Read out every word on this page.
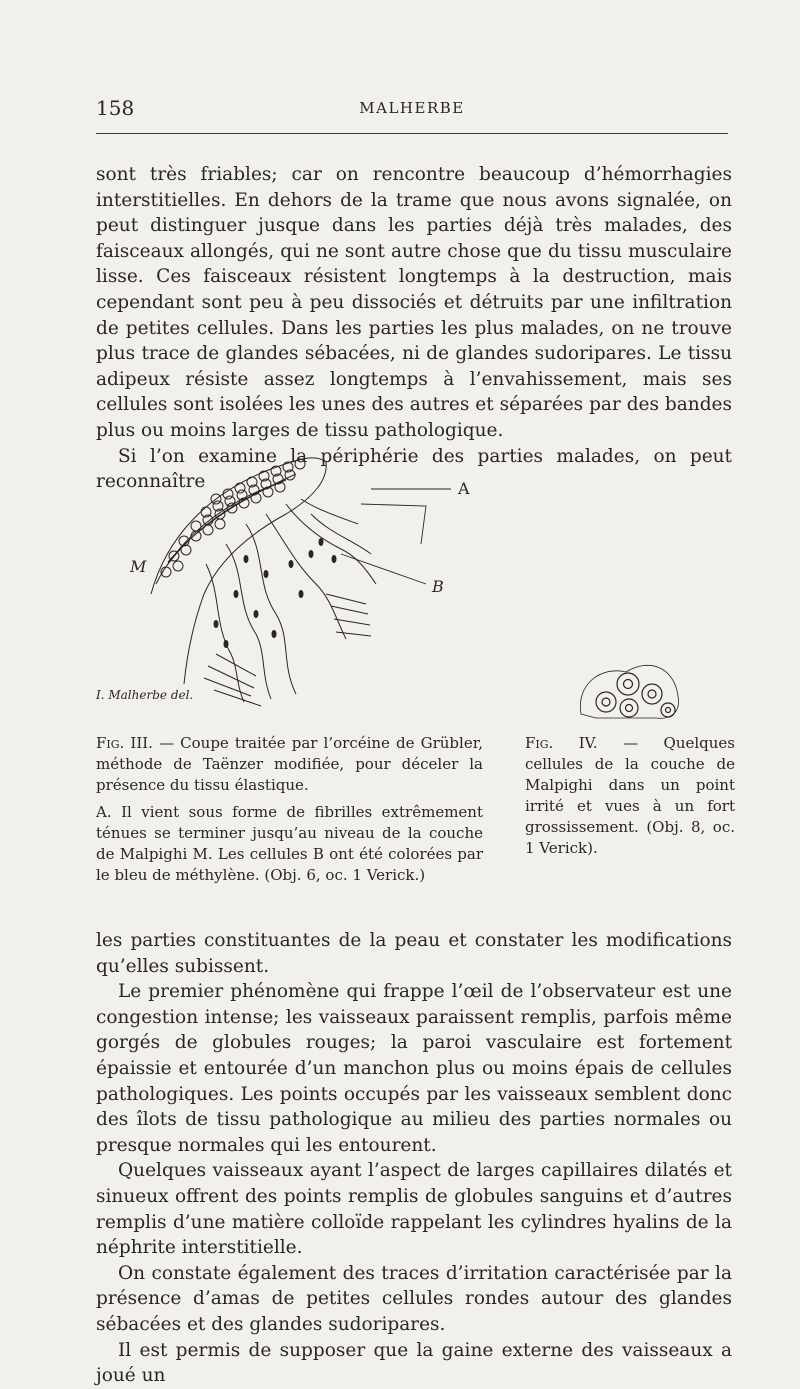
158	MALHERBE

sont très friables; car on rencontre beaucoup d’hémorrhagies interstitielles. En dehors de la trame que nous avons signalée, on peut distinguer jusque dans les parties déjà très malades, des faisceaux allongés, qui ne sont autre chose que du tissu musculaire lisse. Ces faisceaux résistent longtemps à la destruction, mais cependant sont peu à peu dissociés et détruits par une infiltration de petites cellules. Dans les parties les plus malades, on ne trouve plus trace de glandes sébacées, ni de glandes sudoripares. Le tissu adipeux résiste assez longtemps à l’envahissement, mais ses cellules sont isolées les unes des autres et séparées par des bandes plus ou moins larges de tissu pathologique.

Si l’on examine la périphérie des parties malades, on peut reconnaître	A
B
M
I. Malherbe del.

Fig. III. — Coupe traitée par l’orcéine de Grübler, méthode de Taënzer modifiée, pour déceler la présence du tissu élastique.

A. Il vient sous forme de fibrilles extrêmement ténues se terminer jusqu’au niveau de la couche de Malpighi M. Les cellules B ont été colorées par le bleu de méthylène. (Obj. 6, oc. 1 Verick.)

Fig. IV. — Quelques cellules de la couche de Malpighi dans un point irrité et vues à un fort grossissement. (Obj. 8, oc. 1 Verick).

les parties constituantes de la peau et constater les modifications qu’elles subissent.

Le premier phénomène qui frappe l’œil de l’observateur est une congestion intense; les vaisseaux paraissent remplis, parfois même gorgés de globules rouges; la paroi vasculaire est fortement épaissie et entourée d’un manchon plus ou moins épais de cellules pathologiques. Les points occupés par les vaisseaux semblent donc des îlots de tissu pathologique au milieu des parties normales ou presque normales qui les entourent.

Quelques vaisseaux ayant l’aspect de larges capillaires dilatés et sinueux offrent des points remplis de globules sanguins et d’autres remplis d’une matière colloïde rappelant les cylindres hyalins de la néphrite interstitielle.

On constate également des traces d’irritation caractérisée par la présence d’amas de petites cellules rondes autour des glandes sébacées et des glandes sudoripares.

Il est permis de supposer que la gaine externe des vaisseaux a joué un
